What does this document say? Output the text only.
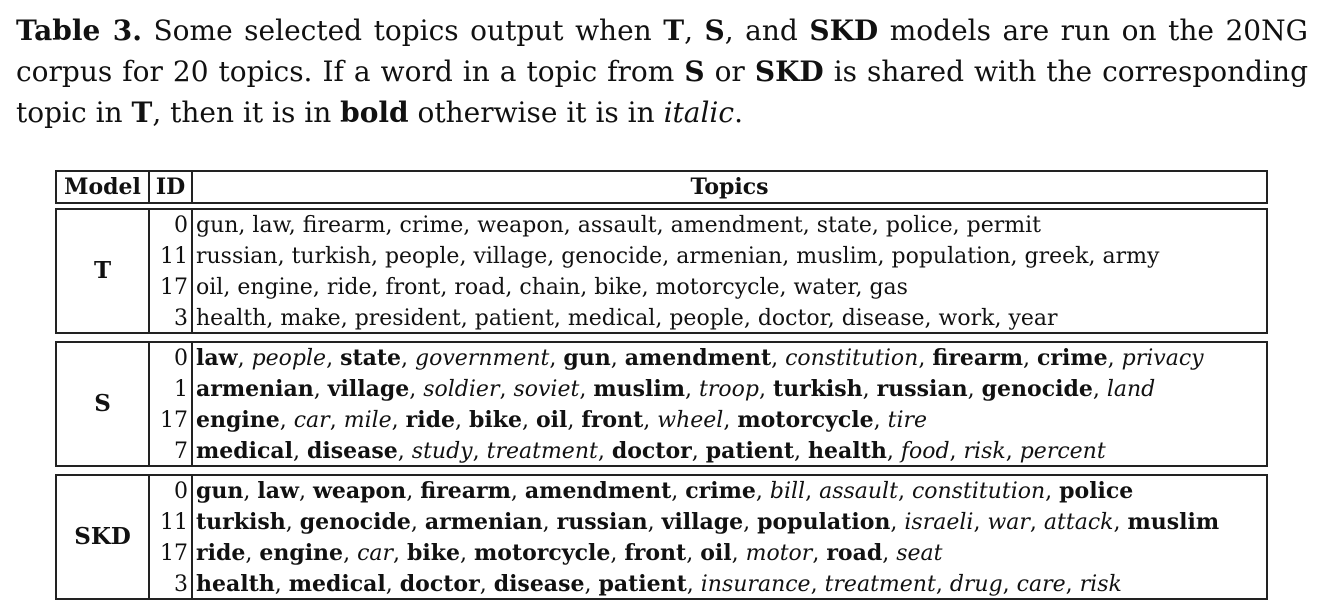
Table 3. Some selected topics output when T, S, and SKD models are run on the 20NG corpus for 20 topics. If a word in a topic from S or SKD is shared with the corresponding topic in T, then it is in bold otherwise it is in italic.
Model ID	Topics
T
0 gun, law, firearm, crime, weapon, assault, amendment, state, police, permit
11 russian, turkish, people, village, genocide, armenian, muslim, population, greek, army
17 oil, engine, ride, front, road, chain, bike, motorcycle, water, gas
3 health, make, president, patient, medical, people, doctor, disease, work, year
S
0 law, people, state, government, gun, amendment, constitution, firearm, crime, privacy
1 armenian, village, soldier, soviet, muslim, troop, turkish, russian, genocide, land
17 engine, car, mile, ride, bike, oil, front, wheel, motorcycle, tire
7 medical, disease, study, treatment, doctor, patient, health, food, risk, percent
SKD
0 gun, law, weapon, firearm, amendment, crime, bill, assault, constitution, police
11 turkish, genocide, armenian, russian, village, population, israeli, war, attack, muslim
17 ride, engine, car, bike, motorcycle, front, oil, motor, road, seat
3 health, medical, doctor, disease, patient, insurance, treatment, drug, care, risk
